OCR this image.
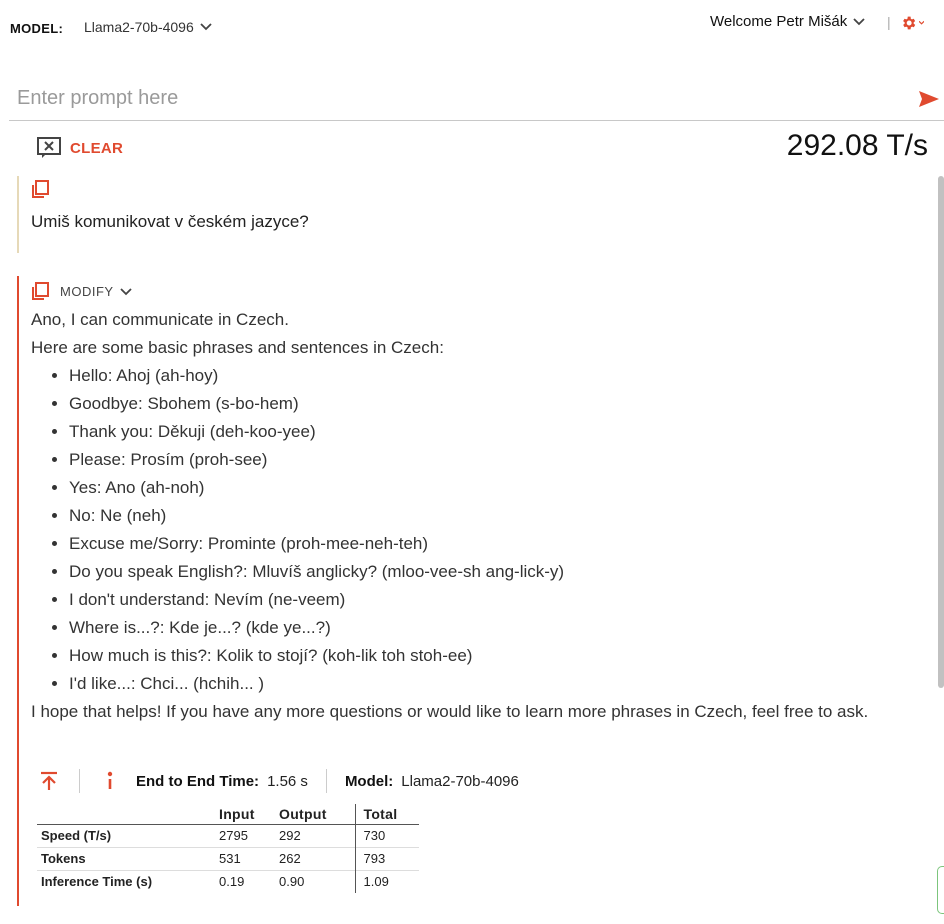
MODEL: Llama2-70b-4096	Welcome Petr Mišák	|
Enter prompt here
CLEAR	292.08 T/s
Umiš komunikovat v českém jazyce?
MODIFY
Ano, I can communicate in Czech.
Here are some basic phrases and sentences in Czech:
• Hello: Ahoj (ah-hoy)
• Goodbye: Sbohem (s-bo-hem)
• Thank you: Děkuji (deh-koo-yee)
• Please: Prosím (proh-see)
• Yes: Ano (ah-noh)
• No: Ne (neh)
• Excuse me/Sorry: Prominte (proh-mee-neh-teh)
• Do you speak English?: Mluvíš anglicky? (mloo-vee-sh ang-lick-y)
• I don't understand: Nevím (ne-veem)
• Where is...?: Kde je...? (kde ye...?)
• How much is this?: Kolik to stojí? (koh-lik toh stoh-ee)
• I'd like...: Chci... (hchih... )
I hope that helps! If you have any more questions or would like to learn more phrases in Czech, feel free to ask.
End to End Time: 1.56 s Model: Llama2-70b-4096
	Input	Output	Total
Speed (T/s)	2795	292	730
Tokens	531	262	793
Inference Time (s)	0.19	0.90	1.09
